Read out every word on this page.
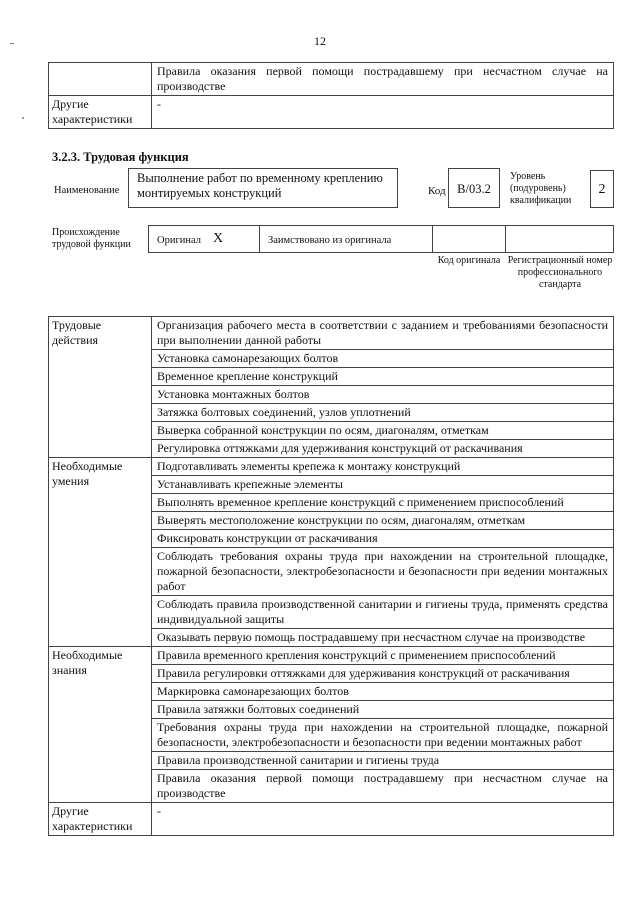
12
	Правила оказания первой помощи пострадавшему при несчастном случае на производстве
Другие характеристики	-
3.2.3. Трудовая функция
Наименование
Выполнение работ по временному креплению монтируемых конструкций	Код В/03.2
Уровень (подуровень) квалификации
2
Происхождение трудовой функции	Оригинал X	Заимствовано из оригинала
Код оригинала Регистрационный номер профессионального стандарта
Трудовые действия	Организация рабочего места в соответствии с заданием и требованиями безопасности при выполнении данной работы
	Установка самонарезающих болтов
	Временное крепление конструкций
	Установка монтажных болтов
	Затяжка болтовых соединений, узлов уплотнений
	Выверка собранной конструкции по осям, диагоналям, отметкам
	Регулировка оттяжками для удерживания конструкций от раскачивания
Необходимые умения	Подготавливать элементы крепежа к монтажу конструкций
	Устанавливать крепежные элементы
	Выполнять временное крепление конструкций с применением приспособлений
	Выверять местоположение конструкции по осям, диагоналям, отметкам
	Фиксировать конструкции от раскачивания
	Соблюдать требования охраны труда при нахождении на строительной площадке, пожарной безопасности, электробезопасности и безопасности при ведении монтажных работ
	Соблюдать правила производственной санитарии и гигиены труда, применять средства индивидуальной защиты
	Оказывать первую помощь пострадавшему при несчастном случае на производстве
Необходимые знания	Правила временного крепления конструкций с применением приспособлений
	Правила регулировки оттяжками для удерживания конструкций от раскачивания
	Маркировка самонарезающих болтов
	Правила затяжки болтовых соединений
	Требования охраны труда при нахождении на строительной площадке, пожарной безопасности, электробезопасности и безопасности при ведении монтажных работ
	Правила производственной санитарии и гигиены труда
	Правила оказания первой помощи пострадавшему при несчастном случае на производстве
Другие характеристики	-
